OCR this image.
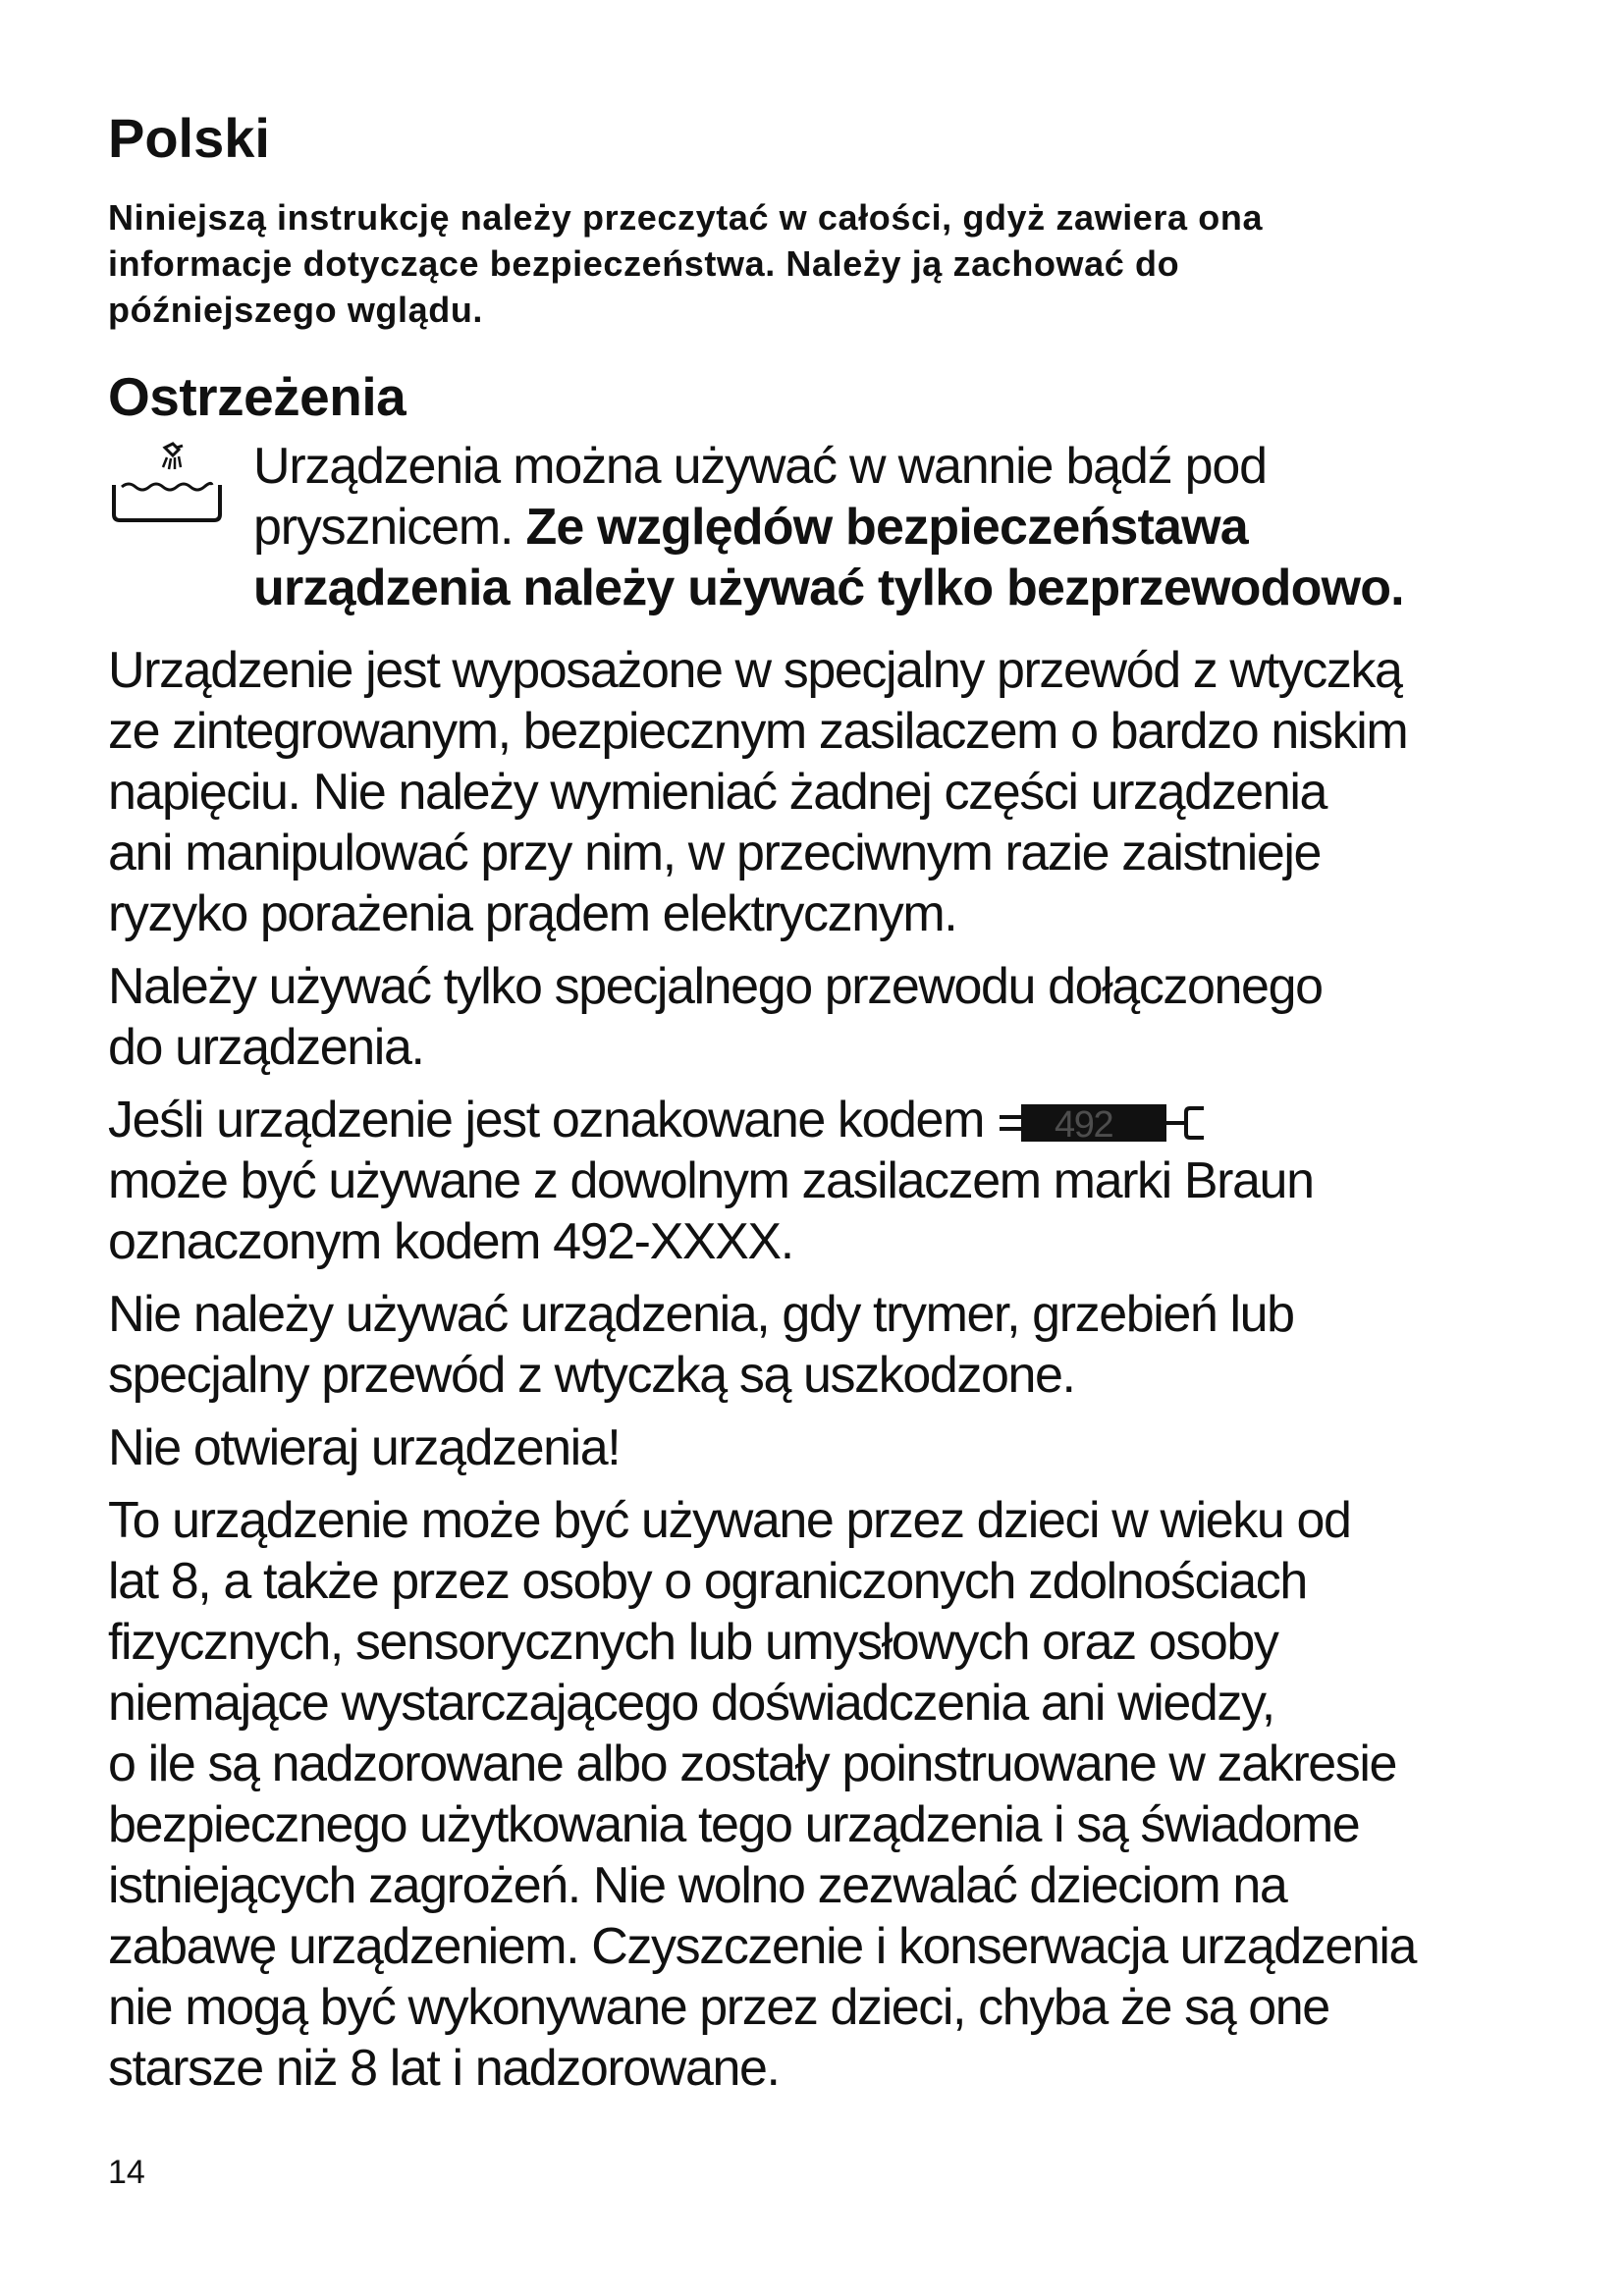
Polski

Niniejszą instrukcję należy przeczytać w całości, gdyż zawiera ona
informacje dotyczące bezpieczeństwa. Należy ją zachować do
późniejszego wglądu.

Ostrzeżenia
Urządzenia można używać w wannie bądź pod
prysznicem. Ze względów bezpieczeństawa
urządzenia należy używać tylko bezprzewodowo.

Urządzenie jest wyposażone w specjalny przewód z wtyczką
ze zintegrowanym, bezpiecznym zasilaczem o bardzo niskim
napięciu. Nie należy wymieniać żadnej części urządzenia
ani manipulować przy nim, w przeciwnym razie zaistnieje
ryzyko porażenia prądem elektrycznym.

Należy używać tylko specjalnego przewodu dołączonego
do urządzenia.

Jeśli urządzenie jest oznakowane kodem 492

może być używane z dowolnym zasilaczem marki Braun
oznaczonym kodem 492-XXXX.

Nie należy używać urządzenia, gdy trymer, grzebień lub
specjalny przewód z wtyczką są uszkodzone.

Nie otwieraj urządzenia!

To urządzenie może być używane przez dzieci w wieku od
lat 8, a także przez osoby o ograniczonych zdolnościach
fizycznych, sensorycznych lub umysłowych oraz osoby
niemające wystarczającego doświadczenia ani wiedzy,
o ile są nadzorowane albo zostały poinstruowane w zakresie
bezpiecznego użytkowania tego urządzenia i są świadome
istniejących zagrożeń. Nie wolno zezwalać dzieciom na
zabawę urządzeniem. Czyszczenie i konserwacja urządzenia
nie mogą być wykonywane przez dzieci, chyba że są one
starsze niż 8 lat i nadzorowane.

14
